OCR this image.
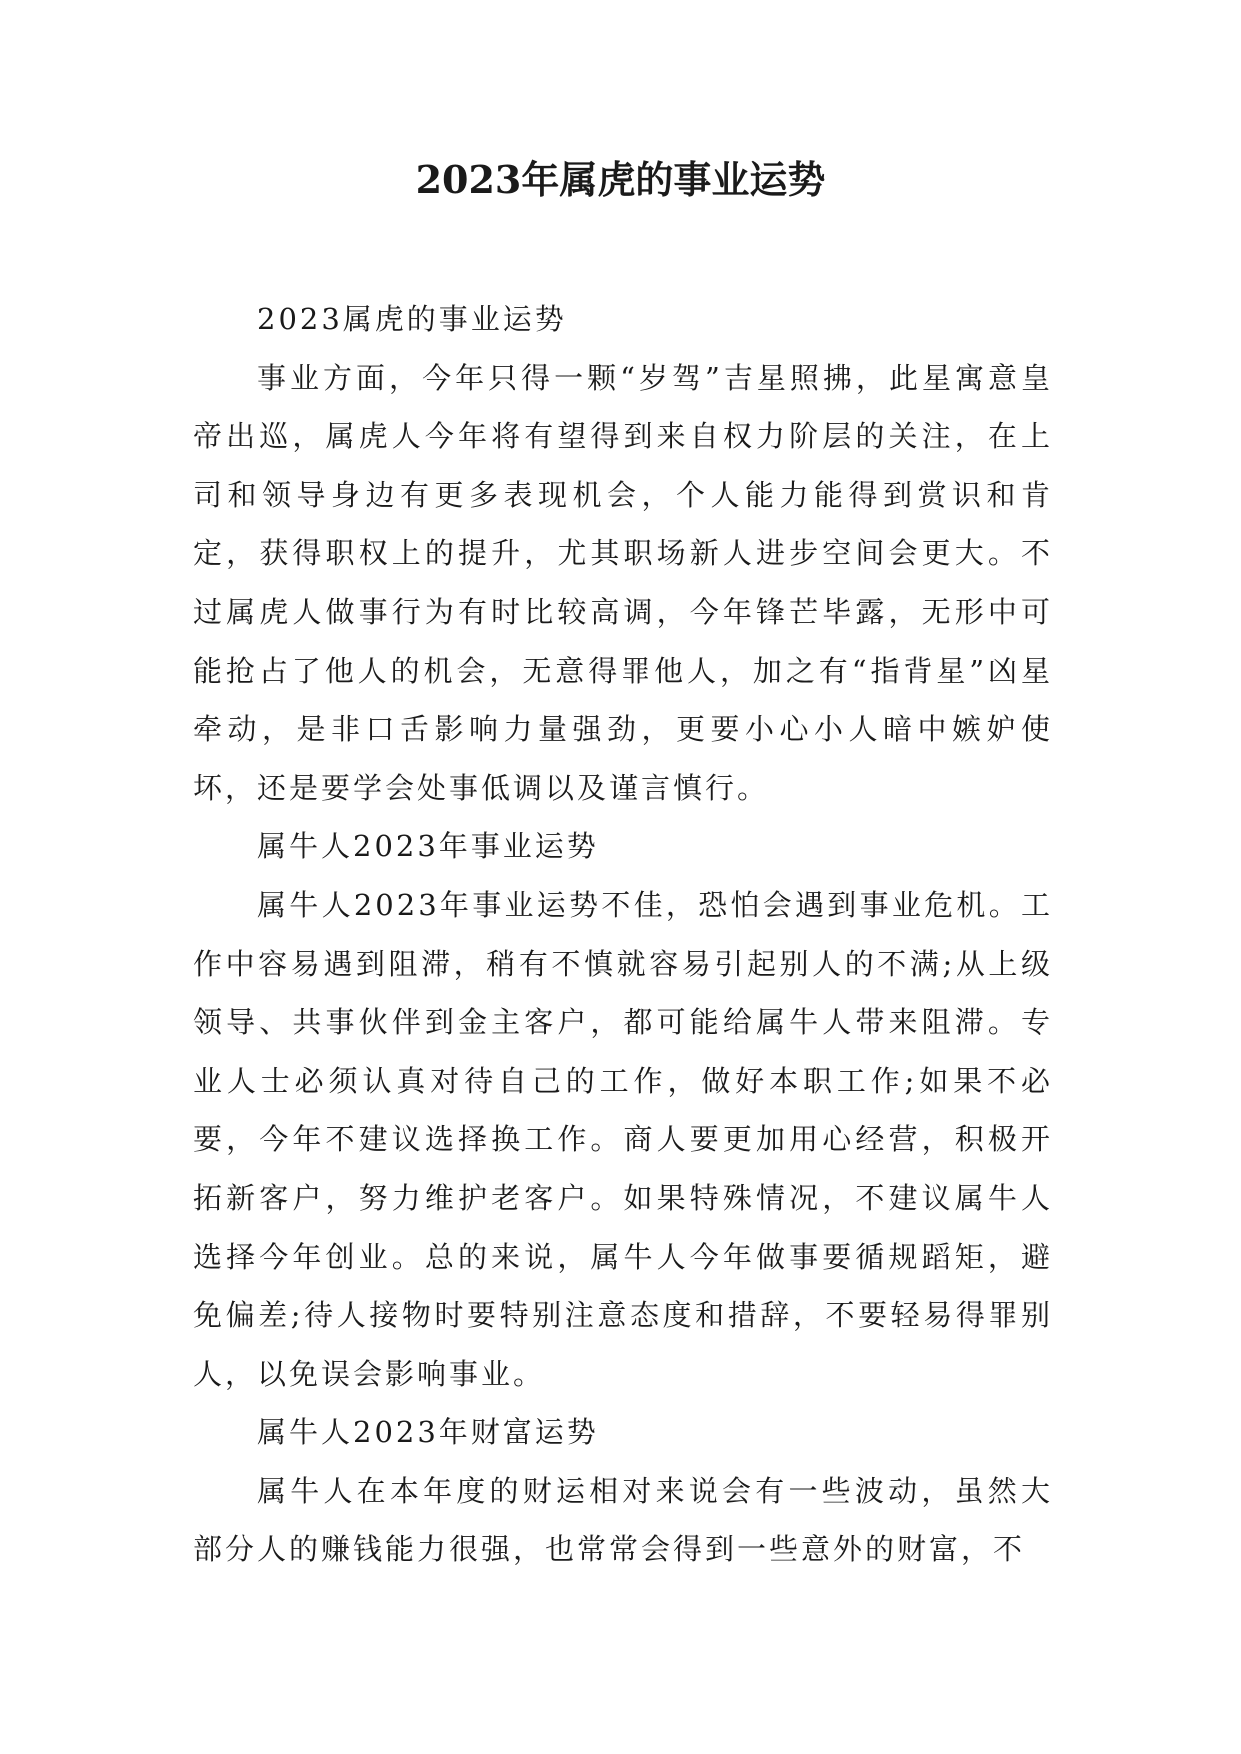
2023年属虎的事业运势

2023属虎的事业运势

事业方面，今年只得一颗“岁驾”吉星照拂，此星寓意皇帝出巡，属虎人今年将有望得到来自权力阶层的关注，在上司和领导身边有更多表现机会，个人能力能得到赏识和肯定，获得职权上的提升，尤其职场新人进步空间会更大。不过属虎人做事行为有时比较高调，今年锋芒毕露，无形中可能抢占了他人的机会，无意得罪他人，加之有“指背星”凶星牵动，是非口舌影响力量强劲，更要小心小人暗中嫉妒使坏，还是要学会处事低调以及谨言慎行。

属牛人2023年事业运势

属牛人2023年事业运势不佳，恐怕会遇到事业危机。工作中容易遇到阻滞，稍有不慎就容易引起别人的不满;从上级领导、共事伙伴到金主客户，都可能给属牛人带来阻滞。专业人士必须认真对待自己的工作，做好本职工作;如果不必要，今年不建议选择换工作。商人要更加用心经营，积极开拓新客户，努力维护老客户。如果特殊情况，不建议属牛人选择今年创业。总的来说，属牛人今年做事要循规蹈矩，避免偏差;待人接物时要特别注意态度和措辞，不要轻易得罪别人，以免误会影响事业。

属牛人2023年财富运势

属牛人在本年度的财运相对来说会有一些波动，虽然大部分人的赚钱能力很强，也常常会得到一些意外的财富，不
